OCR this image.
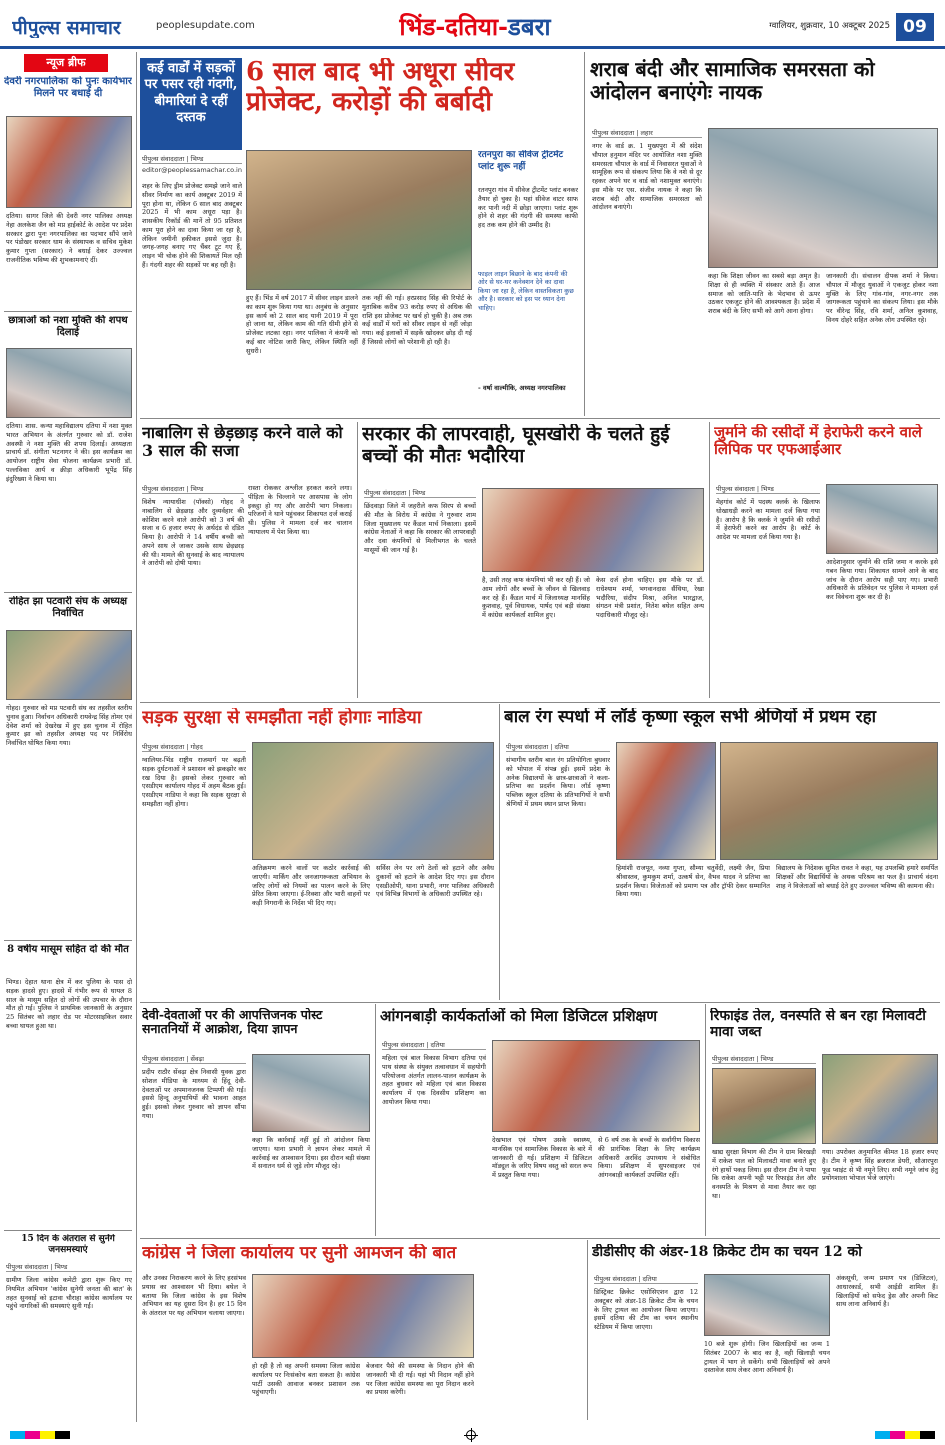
पीपुल्स समाचार	peoplesupdate.com	भिंड-दतिया-डबरा	ग्वालियर, शुक्रवार, 10 अक्टूबर 2025 09
न्यूज ब्रीफ
देवरी नगरपालिका को पुनः कार्यभार मिलने पर बधाई दी
दतिया। सागर जिले की देवरी नगर पालिका अध्यक्ष नेहा अलकेश जैन को मप्र हाईकोर्ट के आदेश पर प्रदेश सरकार द्वारा पुनः नगरपालिका का पदभार सौंपे जाने पर पंडोखर सरकार धाम के संस्थापक व सचिव मुकेश कुमार गुप्ता (सरकार) ने बधाई देकर उज्ज्वल राजनीतिक भविष्य की शुभकामनाएं दीं।
छात्राओं को नशा मुक्ति की शपथ दिलाई
दतिया। शास. कन्या महाविद्यालय दतिया में नशा मुक्त भारत अभियान के अंतर्गत गुरुवार को डॉ. राजेश अवस्थी ने नशा मुक्ति की शपथ दिलाई। अध्यक्षता प्राचार्य डॉ. संगीता भटनागर ने की। इस कार्यक्रम का आयोजन राष्ट्रीय सेवा योजना कार्यक्रम प्रभारी डॉ. पल्लविका आर्य व क्रीड़ा अधिकारी भूपेंद्र सिंह इंदुरिख्या ने किया था।
रोहित झा पटवारी संघ के अध्यक्ष निर्वाचित
गोहद। गुरुवार को मप्र पटवारी संघ का तहसील स्तरीय चुनाव हुआ। निर्वाचन अधिकारी रायवेन्द्र सिंह तोमर एवं देवेश शर्मा को देखरेख में हुए इस चुनाव में रोहित कुमार झा को तहसील अध्यक्ष पद पर निर्विरोध निर्वाचित घोषित किया गया।
8 वर्षीय मासूम सहित दो की मौत
भिण्ड। देहात थाना क्षेत्र में कर पुलिया के पास दो सड़क हादसे हुए। हादसे में गंभीर रूप से घायल 8 साल के मासूम सहित दो लोगों की उपचार के दौरान मौत हो गई। पुलिस ने प्राथमिक जानकारी के अनुसार 25 सितंबर को लहार रोड पर मोटरसाइकिल सवार बच्चा घायल हुआ था।
15 दिन के अंतराल से सुनेंगे जनसमस्याएं
पीपुल्स संवाददाता | भिण्ड
ग्रामीण जिला कांग्रेस कमेटी द्वारा शुरू किए गए नियमित अभियान 'कांग्रेस सुनेगी जनता की बात' के तहत सुनवाई को इटावा चौराहा कांग्रेस कार्यालय पर पहुंचे नागरिकों की समस्याएं सुनी गईं।
कई वार्डों में सड़कों पर पसर रही गंदगी, बीमारियां दे रहीं दस्तक
पीपुल्स संवाददाता | भिण्ड
editor@peoplessamachar.co.in
6 साल बाद भी अधूरा सीवर प्रोजेक्ट, करोड़ों की बर्बादी
शहर के लिए ड्रीम प्रोजेक्ट समझे जाने वाले सीवर निर्माण का कार्य अक्टूबर 2019 में पूरा होना था, लेकिन 6 साल बाद अक्टूबर 2025 में भी काम अधूरा पड़ा है। शासकीय रिकॉर्ड की मानें तो 95 प्रतिशत काम पूरा होने का दावा किया जा रहा है, लेकिन जमीनी हकीकत इससे जुदा है। जगह-जगह बनाए गए चैंबर टूट गए हैं, लाइन भी चोक होने की शिकायतें मिल रही हैं। गंदगी शहर की सड़कों पर बह रही है।
हुए हैं। भिंड में वर्ष 2017 में सीवर लाइन डालने का काम शुरू किया गया था। अनुबंध के अनुसार इस कार्य को 2 साल बाद यानी 2019 में पूरा हो जाना था, लेकिन काम की गति धीमी होने से प्रोजेक्ट लटका रहा। नगर पालिका ने कंपनी को कई बार नोटिस जारी किए, लेकिन स्थिति नहीं सुधरी।
तक नहीं की गई। हरप्रसाद सिंह की रिपोर्ट के मुताबिक करीब 93 करोड़ रुपए से अधिक की राशि इस प्रोजेक्ट पर खर्च हो चुकी है। अब तक कई वार्डों में घरों को सीवर लाइन से नहीं जोड़ा गया। कई इलाकों में सड़कें खोदकर छोड़ दी गई हैं जिससे लोगों को परेशानी हो रही है।
रतनपुरा का सीवेज ट्रीटमेंट प्लांट शुरू नहीं
रतनपुरा गांव में सीवेज ट्रीटमेंट प्लांट बनकर तैयार हो चुका है। यहां सीवेज वाटर साफ कर पानी नदी में छोड़ा जाएगा। प्लांट शुरू होने से शहर की गंदगी की समस्या काफी हद तक कम होने की उम्मीद है।
फाइल लाइन बिछाने के बाद कंपनी की ओर से घर-घर कनेक्शन देने का दावा किया जा रहा है, लेकिन वास्तविकता कुछ और है। सरकार को इस पर ध्यान देना चाहिए।
- वर्षा वाल्मीकि, अध्यक्ष नगरपालिका
शराब बंदी और सामाजिक समरसता को आंदोलन बनाएंगेः नायक
पीपुल्स संवाददाता | लहार
नगर के वार्ड क्र. 1 मुख्यपुरा में श्री संदेश चौपाल हनुमान मंदिर पर आयोजित नशा मुक्ति समरसता चौपाल के वार्ड में निवासरत युवाओं ने सामूहिक रूप से संकल्प लिया कि वे नशे से दूर रहकर अपने घर व वार्ड को नशामुक्त बनाएंगे। इस मौके पर एस. संजीव नायक ने कहा कि शराब बंदी और सामाजिक समरसता को आंदोलन बनाएंगे।
कहा कि शिक्षा जीवन का सबसे बड़ा अमृत है। शिक्षा से ही व्यक्ति में संस्कार आते हैं। आज समाज को जाति-पाति के भेदभाव से ऊपर उठकर एकजुट होने की आवश्यकता है। प्रदेश में शराब बंदी के लिए सभी को आगे आना होगा।
जानकारी दी। संचालन दीपक शर्मा ने किया। चौपाल में मौजूद युवाओं ने एकजुट होकर नशा मुक्ति के लिए गांव-गांव, नगर-नगर तक जागरूकता पहुंचाने का संकल्प लिया। इस मौके पर वीरेन्द्र सिंह, रवि शर्मा, अनिल कुशवाह, विनय दोहरे सहित अनेक लोग उपस्थित रहे।
नाबालिग से छेड़छाड़ करने वाले को 3 साल की सजा
पीपुल्स संवाददाता | भिण्ड
विशेष न्यायाधीश (पॉक्सो) गोहद ने नाबालिग से छेड़छाड़ और दुव्यर्वहार की कोशिश करने वाले आरोपी को 3 वर्ष की सजा व 6 हजार रुपए के अर्थदंड से दंडित किया है। आरोपी ने 14 वर्षीय बच्ची को अपने साथ ले जाकर उसके साथ छेड़छाड़ की थी। मामले की सुनवाई के बाद न्यायालय ने आरोपी को दोषी पाया।
रास्ता रोककर अश्लील हरकत करने लगा। पीड़िता के चिल्लाने पर आसपास के लोग इकट्ठा हो गए और आरोपी भाग निकला। परिजनों ने थाने पहुंचकर शिकायत दर्ज कराई थी। पुलिस ने मामला दर्ज कर चालान न्यायालय में पेश किया था।
सरकार की लापरवाही, घूसखोरी के चलते हुई बच्चों की मौतः भदौरिया
पीपुल्स संवाददाता | भिण्ड
छिंदवाड़ा जिले में जहरीले कफ सिरप से बच्चों की मौत के विरोध में कांग्रेस ने गुरुवार शाम जिला मुख्यालय पर कैंडल मार्च निकाला। इसमें कांग्रेस नेताओं ने कहा कि सरकार की लापरवाही और दवा कंपनियों से मिलीभगत के चलते मासूमों की जान गई है।
है, उसी तरह कफ कंपनियां भी कर रही हैं। जो आम लोगों और बच्चों के जीवन से खिलवाड़ कर रहे हैं। कैंडल मार्च में जिलाध्यक्ष मानसिंह कुशवाह, पूर्व विधायक, पार्षद एवं बड़ी संख्या में कांग्रेस कार्यकर्ता शामिल हुए।
केस दर्ज होना चाहिए। इस मौके पर डॉ. राधेश्याम शर्मा, भगवानदास सैंथिया, रेखा भदौरिया, संदीप मिश्रा, अनिल भारद्वाज, संगठन मंत्री प्रशांत, नितेश बघेल सहित अन्य पदाधिकारी मौजूद रहे।
जुर्माने की रसीदों में हेराफेरी करने वाले लिपिक पर एफआईआर
पीपुल्स संवादाता | भिण्ड
मेहगांव कोर्ट में पदस्थ क्लर्क के खिलाफ धोखाधड़ी करने का मामला दर्ज किया गया है। आरोप है कि क्लर्क ने जुर्माने की रसीदों में हेराफेरी करने का आरोप है। कोर्ट के आदेश पर मामला दर्ज किया गया है।
आदेशानुसार जुर्माने की राशि जमा न करके इसे गबन किया गया। शिकायत सामने आने के बाद जांच के दौरान आरोप सही पाए गए। प्रभारी अधिकारी के प्रतिवेदन पर पुलिस ने मामला दर्ज कर विवेचना शुरू कर दी है।
सड़क सुरक्षा से समझौता नहीं होगाः नाडिया
पीपुल्स संवाददाता | गोहद
ग्वालियर-भिंड राष्ट्रीय राजमार्ग पर बढ़ती सड़क दुर्घटनाओं ने प्रशासन को झकझोर कर रख दिया है। इसको लेकर गुरुवार को एसडीएम कार्यालय गोहद में अहम बैठक हुई। एसडीएम नाडिया ने कहा कि सड़क सुरक्षा से समझौता नहीं होगा।
अतिक्रमण करने वालों पर कठोर कार्रवाई की जाएगी। मार्किंग और जनजागरूकता अभियान के जरिए लोगों को नियमों का पालन करने के लिए प्रेरित किया जाएगा। ई-रिक्शा और भारी वाहनों पर कड़ी निगरानी के निर्देश भी दिए गए।
सर्विस लेन पर लगे ठेलों को हटाने और अवैध दुकानों को हटाने के आदेश दिए गए। इस दौरान एसडीओपी, थाना प्रभारी, नगर पालिका अधिकारी एवं विभिन्न विभागों के अधिकारी उपस्थित रहे।
बाल रंग स्पर्धा में लॉर्ड कृष्णा स्कूल सभी श्रेणियों में प्रथम रहा
पीपुल्स संवाददाता | दतिया
संभागीय स्तरीय बाल रंग प्रतियोगिता बुधवार को भोपाल में संपन्न हुई। इसमें प्रदेश के अनेक विद्यालयों के छात्र-छात्राओं ने कला-प्रतिभा का प्रदर्शन किया। लॉर्ड कृष्णा पब्लिक स्कूल दतिया के प्रतिभागियों ने सभी श्रेणियों में प्रथम स्थान प्राप्त किया।
हिमांशी राजपूत, नव्या गुप्ता, सौम्या चतुर्वेदी, लक्ष्मी जैन, प्रिया श्रीवास्तव, कुमकुम शर्मा, उत्कर्ष सेन, वैभव यादव ने प्रतिभा का प्रदर्शन किया। विजेताओं को प्रमाण पत्र और ट्रॉफी देकर सम्मानित किया गया।
विद्यालय के निदेशक सुमित रावत ने कहा, यह उपलब्धि हमारे समर्पित शिक्षकों और विद्यार्थियों के अथक परिश्रम का फल है। प्राचार्य वंदना शाह ने विजेताओं को बधाई देते हुए उज्ज्वल भविष्य की कामना की।
देवी-देवताओं पर की आपत्तिजनक पोस्ट सनातनियों में आक्रोश, दिया ज्ञापन
पीपुल्स संवाददाता | सेंवढ़ा
प्रदीप राठौर सेंवढ़ा क्षेत्र निवासी युवक द्वारा सोशल मीडिया के माध्यम से हिंदू देवी-देवताओं पर अपमानजनक टिप्पणी की गई। इससे हिन्दू अनुयायियों की भावना आहत हुई। इसको लेकर गुरुवार को ज्ञापन सौंपा गया।
कहा कि कार्रवाई नहीं हुई तो आंदोलन किया जाएगा। थाना प्रभारी ने ज्ञापन लेकर मामले में कार्रवाई का आश्वासन दिया। इस दौरान बड़ी संख्या में सनातन धर्म से जुड़े लोग मौजूद रहे।
आंगनबाड़ी कार्यकर्ताओं को मिला डिजिटल प्रशिक्षण
पीपुल्स संवाददाता | दतिया
महिला एवं बाल विकास विभाग दतिया एवं पाथ संस्था के संयुक्त तत्वावधान में सहयोगी परियोजना अंतर्गत लालन-पालन कार्यक्रम के तहत बुधवार को महिला एवं बाल विकास कार्यालय में एक दिवसीय प्रशिक्षण का आयोजन किया गया।
देखभाल एवं पोषण उसके स्वास्थ्य, मानसिक एवं सामाजिक विकास के बारे में जानकारी दी गई। प्रशिक्षण में डिजिटल मॉड्यूल के जरिए विषय वस्तु को सरल रूप में प्रस्तुत किया गया।
से 6 वर्ष तक के बच्चों के सर्वांगीण विकास की प्रारंभिक शिक्षा के लिए कार्यक्रम अधिकारी अरविंद उपाध्याय ने संबोधित किया। प्रशिक्षण में सुपरवाइजर एवं आंगनबाड़ी कार्यकर्ता उपस्थित रहीं।
रिफाइंड तेल, वनस्पति से बन रहा मिलावटी मावा जब्त
पीपुल्स संवाददाता | भिण्ड
खाद्य सुरक्षा विभाग की टीम ने ग्राम बिरखड़ी में राकेश पाल को मिलावटी मावा बनाते हुए रंगे हाथों पकड़ लिया। इस दौरान टीम ने पाया कि राकेश अपनी भट्टी पर रिफाइंड तेल और वनस्पति के मिश्रण से मावा तैयार कर रहा था।
गया। उपरोक्त अनुमानित कीमत 18 हजार रुपए है। टीम ने कृष्ण सिंह ब्रजराज डेयरी, सौआरपुरा फूड प्वाइंट से भी नमूने लिए। सभी नमूने जांच हेतु प्रयोगशाला भोपाल भेजे जाएंगे।
कांग्रेस ने जिला कार्यालय पर सुनी आमजन की बात
और उनका निराकरण करने के लिए हरसंभव प्रयास का आश्वासन भी दिया। बघेल ने बताया कि जिला कांग्रेस के इस विशेष अभियान का यह दूसरा दिन है। हर 15 दिन के अंतराल पर यह अभियान चलाया जाएगा।
हो रही है तो वह अपनी समस्या जिला कांग्रेस कार्यालय पर निःसंकोच बता सकता है। कांग्रेस पार्टी उसकी आवाज बनकर प्रशासन तक पहुंचाएगी।
बेजवार पैसे की समस्या के निदान होने की जानकारी भी दी गई। यहां भी निदान नहीं होने पर जिला कांग्रेस समस्या का पूरा निदान करने का प्रयास करेगी।
डीडीसीए की अंडर-18 क्रिकेट टीम का चयन 12 को
पीपुल्स संवाददाता | दतिया
डिस्ट्रिक्ट क्रिकेट एसोसिएशन द्वारा 12 अक्टूबर को अंडर-18 क्रिकेट टीम के चयन के लिए ट्रायल का आयोजन किया जाएगा। इसमें दतिया की टीम का चयन स्थानीय स्टेडियम में किया जाएगा।
10 बजे शुरू होगी। जिन खिलाड़ियों का जन्म 1 सितंबर 2007 के बाद का है, वही खिलाड़ी चयन ट्रायल में भाग ले सकेंगे। सभी खिलाड़ियों को अपने दस्तावेज साथ लेकर आना अनिवार्य है।
अंकसूची, जन्म प्रमाण पत्र (डिजिटल), आधारकार्ड, सभी आईडी शामिल हैं। खिलाड़ियों को सफेद ड्रेस और अपनी किट साथ लाना अनिवार्य है।
